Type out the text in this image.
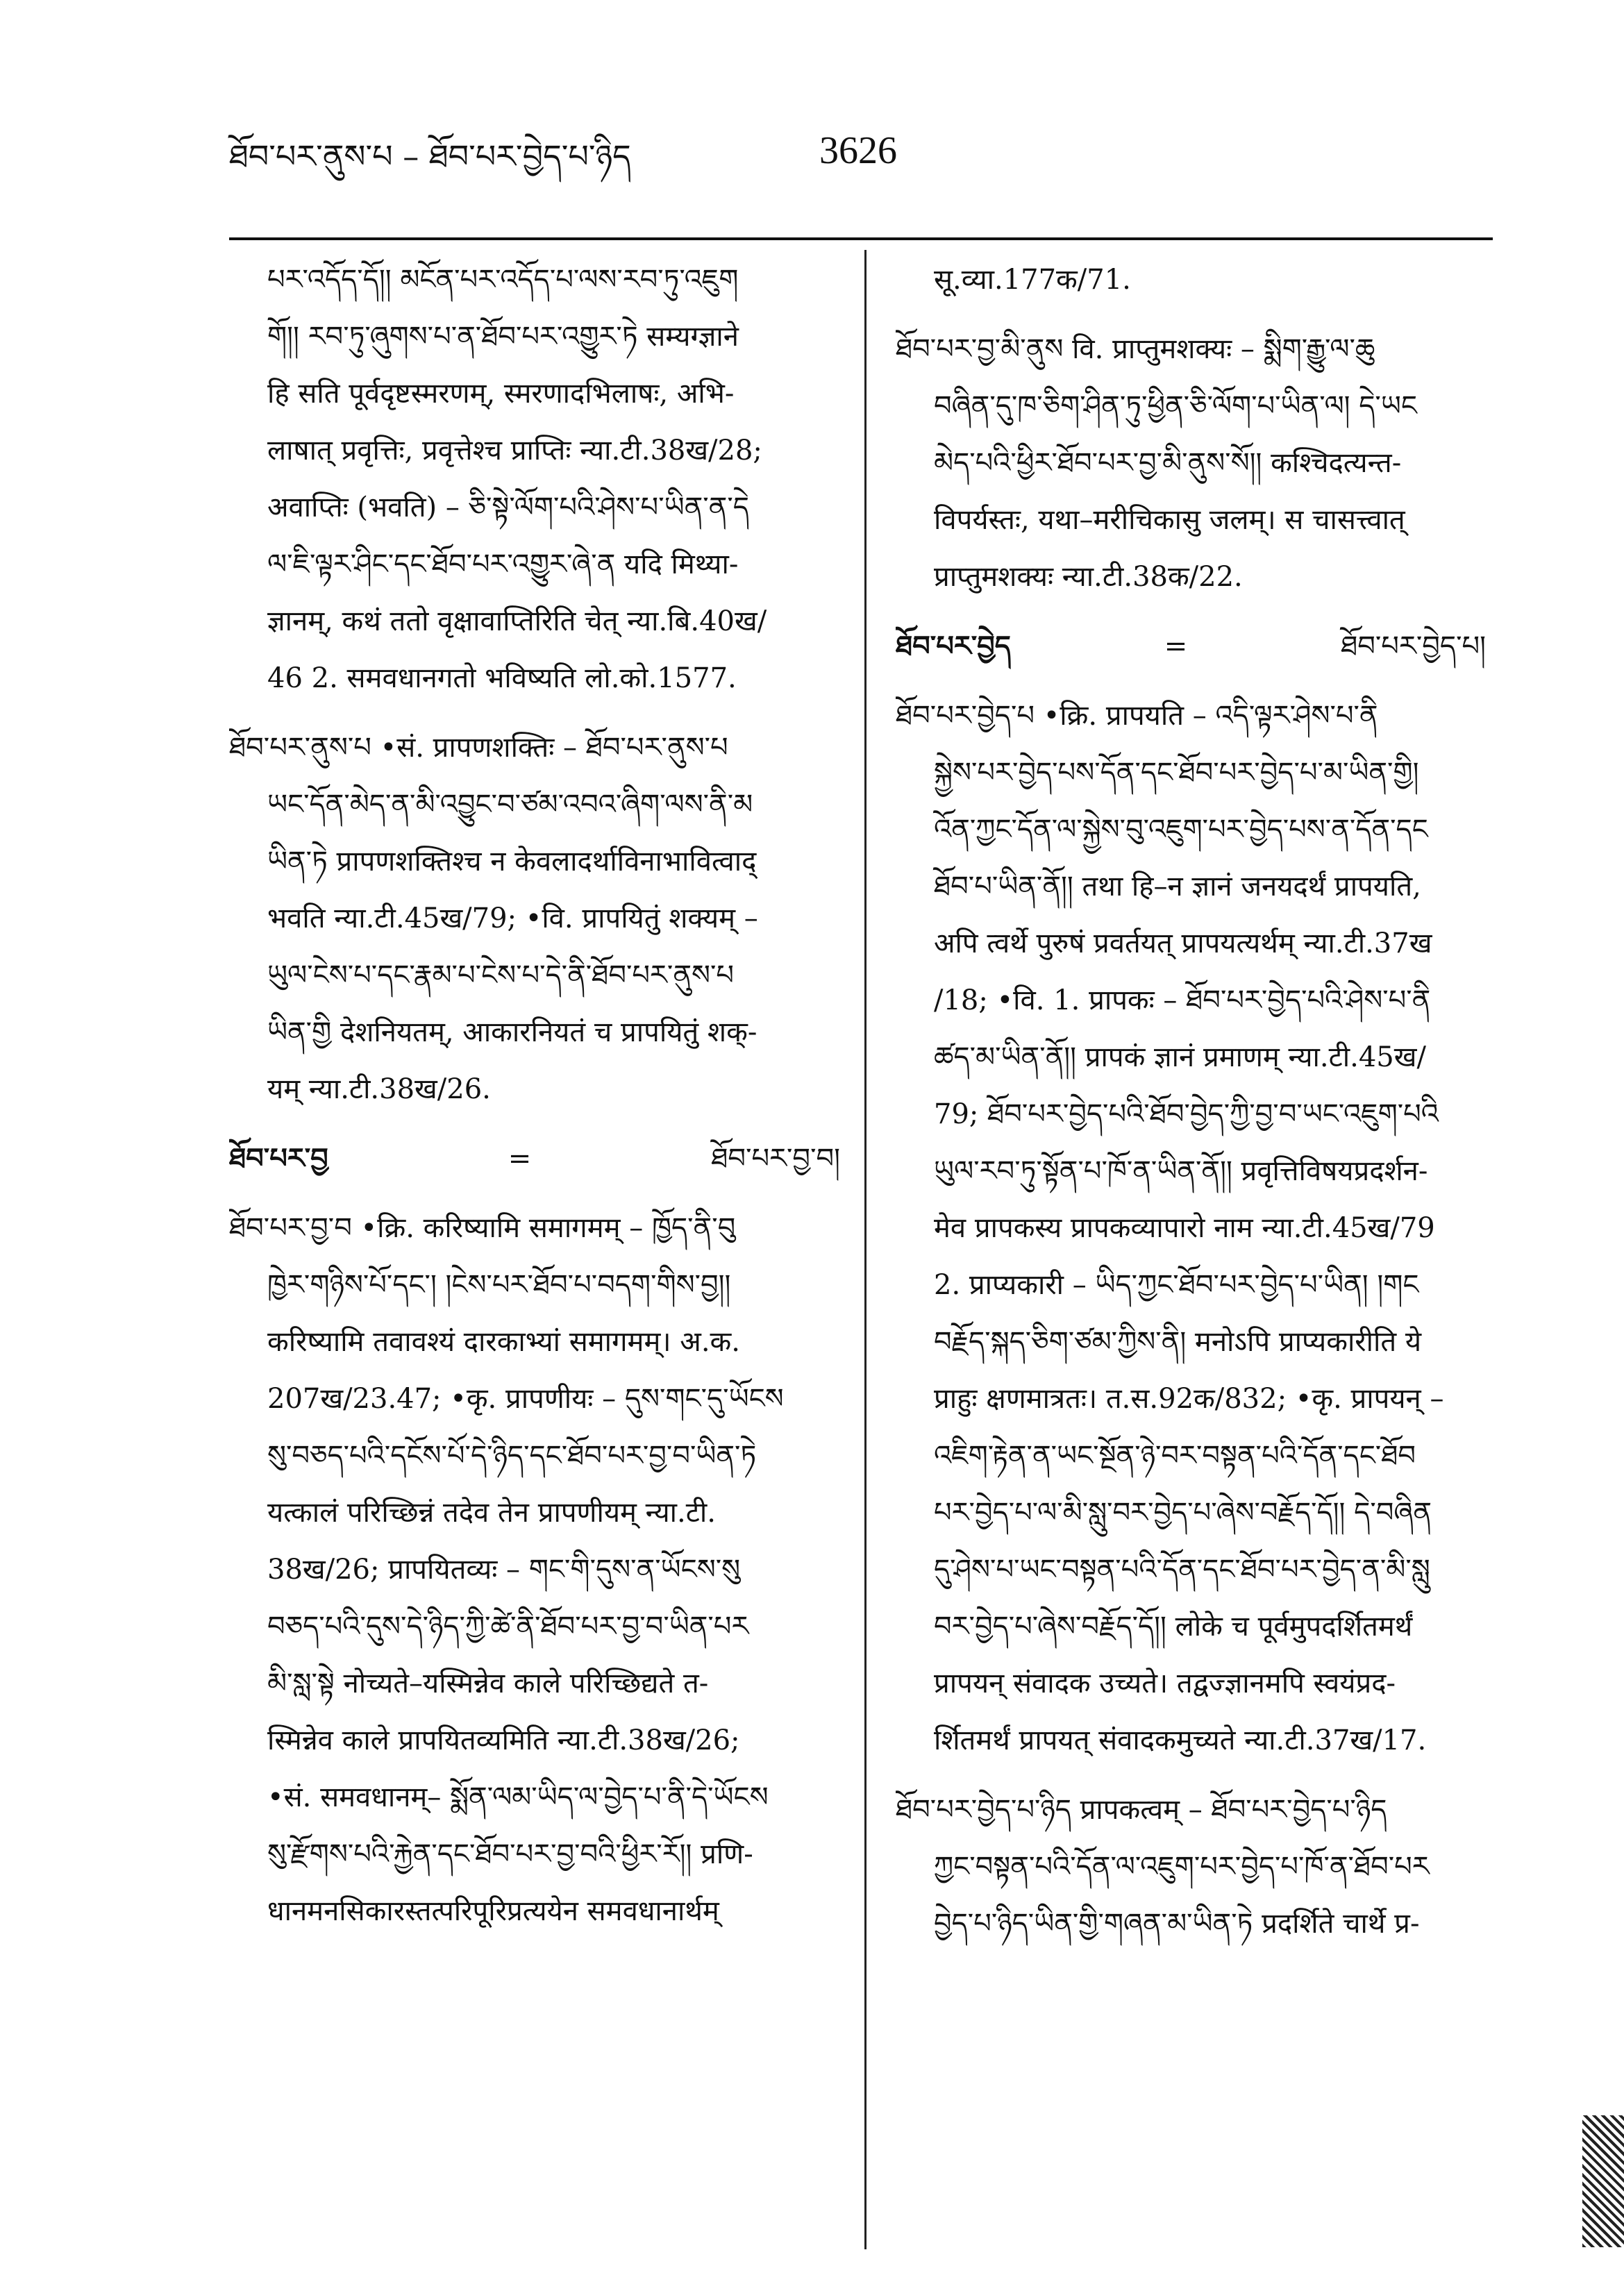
ཐོབ་པར་ནུས་པ – ཐོབ་པར་བྱེད་པ་ཉིད	3626
པར་འདོད་དོ།། མངོན་པར་འདོད་པ་ལས་རབ་ཏུ་འཇུག
གོ།། རབ་ཏུ་ཞུགས་པ་ན་ཐོབ་པར་འགྱུར་ཏེ सम्यग्ज्ञाने
हि सति पूर्वदृष्टस्मरणम्, स्मरणादभिलाषः, अभि-
लाषात् प्रवृत्तिः, प्रवृत्तेश्च प्राप्तिः न्या.टी.38ख/28;
अवाप्तिः (भवति) – ཅི་སྟེ་ལོག་པའི་ཤེས་པ་ཡིན་ན་དེ
ལ་ཇི་ལྟར་ཤིང་དང་ཐོབ་པར་འགྱུར་ཞེ་ན यदि मिथ्या-
ज्ञानम्, कथं ततो वृक्षावाप्तिरिति चेत् न्या.बि.40ख/
46 2. समवधानगतो भविष्यति लो.को.1577.
ཐོབ་པར་ནུས་པ •सं. प्रापणशक्तिः – ཐོབ་པར་ནུས་པ
ཡང་དོན་མེད་ན་མི་འབྱུང་བ་ཙམ་འབའ་ཞིག་ལས་ནི་མ
ཡིན་ཏེ प्रापणशक्तिश्च न केवलादर्थाविनाभावित्वाद्
भवति न्या.टी.45ख/79; •वि. प्रापयितुं शक्यम् –
ཡུལ་ངེས་པ་དང་རྣམ་པ་ངེས་པ་དེ་ནི་ཐོབ་པར་ནུས་པ
ཡིན་གྱི देशनियतम्, आकारनियतं च प्रापयितुं शक्-
यम् न्या.टी.38ख/26.
ཐོབ་པར་བྱ	=	ཐོབ་པར་བྱ་བ།
ཐོབ་པར་བྱ་བ •क्रि. करिष्यामि समागमम् – ཁྱོད་ནི་བུ
ཁྱེར་གཉིས་པོ་དང་། །ངེས་པར་ཐོབ་པ་བདག་གིས་བྱ།།
करिष्यामि तवावश्यं दारकाभ्यां समागमम्। अ.क.
207ख/23.47; •कृ. प्रापणीयः – དུས་གང་དུ་ཡོངས
སུ་བཅད་པའི་དངོས་པོ་དེ་ཉིད་དང་ཐོབ་པར་བྱ་བ་ཡིན་ཏེ
यत्कालं परिच्छिन्नं तदेव तेन प्रापणीयम् न्या.टी.
38ख/26; प्रापयितव्यः – གང་གི་དུས་ན་ཡོངས་སུ
བཅད་པའི་དུས་དེ་ཉིད་ཀྱི་ཚེ་ནི་ཐོབ་པར་བྱ་བ་ཡིན་པར
མི་སླ་སྟེ नोच्यते–यस्मिन्नेव काले परिच्छिद्यते त-
स्मिन्नेव काले प्रापयितव्यमिति न्या.टी.38ख/26;
•सं. समवधानम्– སྨོན་ལམ་ཡིད་ལ་བྱེད་པ་ནི་དེ་ཡོངས
སུ་རྫོགས་པའི་རྐྱེན་དང་ཐོབ་པར་བྱ་བའི་ཕྱིར་རོ།། प्रणि-
धानमनसिकारस्तत्परिपूरिप्रत्ययेन समवधानार्थम्
सू.व्या.177क/71.
ཐོབ་པར་བྱ་མི་ནུས वि. प्राप्तुमशक्यः – སྨིག་རྒྱུ་ལ་ཆུ
བཞིན་དུ་ཁ་ཅིག་ཤིན་ཏུ་ཕྱིན་ཅི་ལོག་པ་ཡིན་ལ། དེ་ཡང
མེད་པའི་ཕྱིར་ཐོབ་པར་བྱ་མི་ནུས་སོ།། कश्चिदत्यन्त-
विपर्यस्तः, यथा–मरीचिकासु जलम्। स चासत्त्वात्
प्राप्तुमशक्यः न्या.टी.38क/22.
ཐོབ་པར་བྱེད	=	ཐོབ་པར་བྱེད་པ།
ཐོབ་པར་བྱེད་པ •क्रि. प्रापयति – འདི་ལྟར་ཤེས་པ་ནི
སྐྱེས་པར་བྱེད་པས་དོན་དང་ཐོབ་པར་བྱེད་པ་མ་ཡིན་གྱི།
འོན་ཀྱང་དོན་ལ་སྐྱེས་བུ་འཇུག་པར་བྱེད་པས་ན་དོན་དང
ཐོབ་པ་ཡིན་ནོ།། तथा हि–न ज्ञानं जनयदर्थं प्रापयति,
अपि त्वर्थे पुरुषं प्रवर्तयत् प्रापयत्यर्थम् न्या.टी.37ख
/18; •वि. 1. प्रापकः – ཐོབ་པར་བྱེད་པའི་ཤེས་པ་ནི
ཚད་མ་ཡིན་ནོ།། प्रापकं ज्ञानं प्रमाणम् न्या.टी.45ख/
79; ཐོབ་པར་བྱེད་པའི་ཐོབ་བྱེད་ཀྱི་བྱ་བ་ཡང་འཇུག་པའི
ཡུལ་རབ་ཏུ་སྟོན་པ་ཁོ་ན་ཡིན་ནོ།། प्रवृत्तिविषयप्रदर्शन-
मेव प्रापकस्य प्रापकव्यापारो नाम न्या.टी.45ख/79
2. प्राप्यकारी – ཡིད་ཀྱང་ཐོབ་པར་བྱེད་པ་ཡིན། །གང
བརྗོད་སྐད་ཅིག་ཙམ་ཀྱིས་ནི། मनोऽपि प्राप्यकारीति ये
प्राहुः क्षणमात्रतः। त.स.92क/832; •कृ. प्रापयन् –
འཇིག་རྟེན་ན་ཡང་སྔོན་ཉེ་བར་བསྟན་པའི་དོན་དང་ཐོབ
པར་བྱེད་པ་ལ་མི་སླུ་བར་བྱེད་པ་ཞེས་བརྗོད་དོ།། དེ་བཞིན
དུ་ཤེས་པ་ཡང་བསྟན་པའི་དོན་དང་ཐོབ་པར་བྱེད་ན་མི་སླུ
བར་བྱེད་པ་ཞེས་བརྗོད་དོ།། लोके च पूर्वमुपदर्शितमर्थं
प्रापयन् संवादक उच्यते। तद्वज्ज्ञानमपि स्वयंप्रद-
र्शितमर्थं प्रापयत् संवादकमुच्यते न्या.टी.37ख/17.
ཐོབ་པར་བྱེད་པ་ཉིད प्रापकत्वम् – ཐོབ་པར་བྱེད་པ་ཉིད
ཀྱང་བསྟན་པའི་དོན་ལ་འཇུག་པར་བྱེད་པ་ཁོ་ན་ཐོབ་པར
བྱེད་པ་ཉིད་ཡིན་གྱི་གཞན་མ་ཡིན་ཏེ प्रदर्शिते चार्थे प्र-
